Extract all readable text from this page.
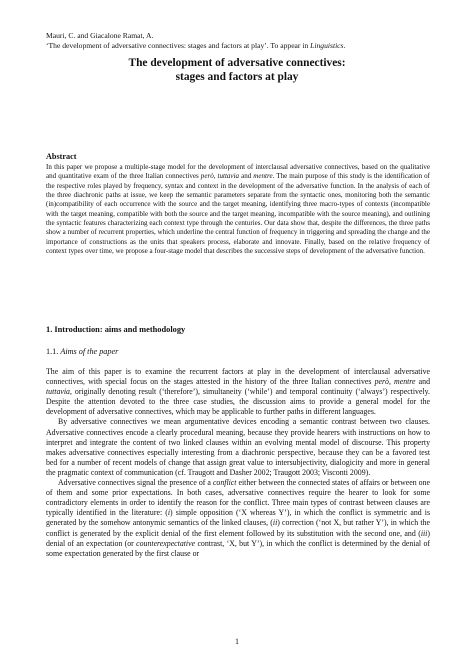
Mauri, C. and Giacalone Ramat, A.
‘The development of adversative connectives: stages and factors at play’. To appear in Linguistics.
The development of adversative connectives:
stages and factors at play
Abstract
In this paper we propose a multiple-stage model for the development of interclausal adversative connectives, based on the qualitative and quantitative exam of the three Italian connectives però, tuttavia and mentre. The main purpose of this study is the identification of the respective roles played by frequency, syntax and context in the development of the adversative function. In the analysis of each of the three diachronic paths at issue, we keep the semantic parameters separate from the syntactic ones, monitoring both the semantic (in)compatibility of each occurrence with the source and the target meaning, identifying three macro-types of contexts (incompatible with the target meaning, compatible with both the source and the target meaning, incompatible with the source meaning), and outlining the syntactic features characterizing each context type through the centuries. Our data show that, despite the differences, the three paths show a number of recurrent properties, which underline the central function of frequency in triggering and spreading the change and the importance of constructions as the units that speakers process, elaborate and innovate. Finally, based on the relative frequency of context types over time, we propose a four-stage model that describes the successive steps of development of the adversative function.
1. Introduction: aims and methodology
1.1. Aims of the paper

The aim of this paper is to examine the recurrent factors at play in the development of interclausal adversative connectives, with special focus on the stages attested in the history of the three Italian connectives però, mentre and tuttavia, originally denoting result (‘therefore’), simultaneity (‘while’) and temporal continuity (‘always’) respectively. Despite the attention devoted to the three case studies, the discussion aims to provide a general model for the development of adversative connectives, which may be applicable to further paths in different languages.

By adversative connectives we mean argumentative devices encoding a semantic contrast between two clauses. Adversative connectives encode a clearly procedural meaning, because they provide hearers with instructions on how to interpret and integrate the content of two linked clauses within an evolving mental model of discourse. This property makes adversative connectives especially interesting from a diachronic perspective, because they can be a favored test bed for a number of recent models of change that assign great value to intersubjectivity, dialogicity and more in general the pragmatic context of communication (cf. Traugott and Dasher 2002; Traugott 2003; Visconti 2009).

Adversative connectives signal the presence of a conflict either between the connected states of affairs or between one of them and some prior expectations. In both cases, adversative connectives require the hearer to look for some contradictory elements in order to identify the reason for the conflict. Three main types of contrast between clauses are typically identified in the literature: (i) simple opposition (‘X whereas Y’), in which the conflict is symmetric and is generated by the somehow antonymic semantics of the linked clauses, (ii) correction (‘not X, but rather Y’), in which the conflict is generated by the explicit denial of the first element followed by its substitution with the second one, and (iii) denial of an expectation (or counterexpectative contrast, ‘X, but Y’), in which the conflict is determined by the denial of some expectation generated by the first clause or

1
